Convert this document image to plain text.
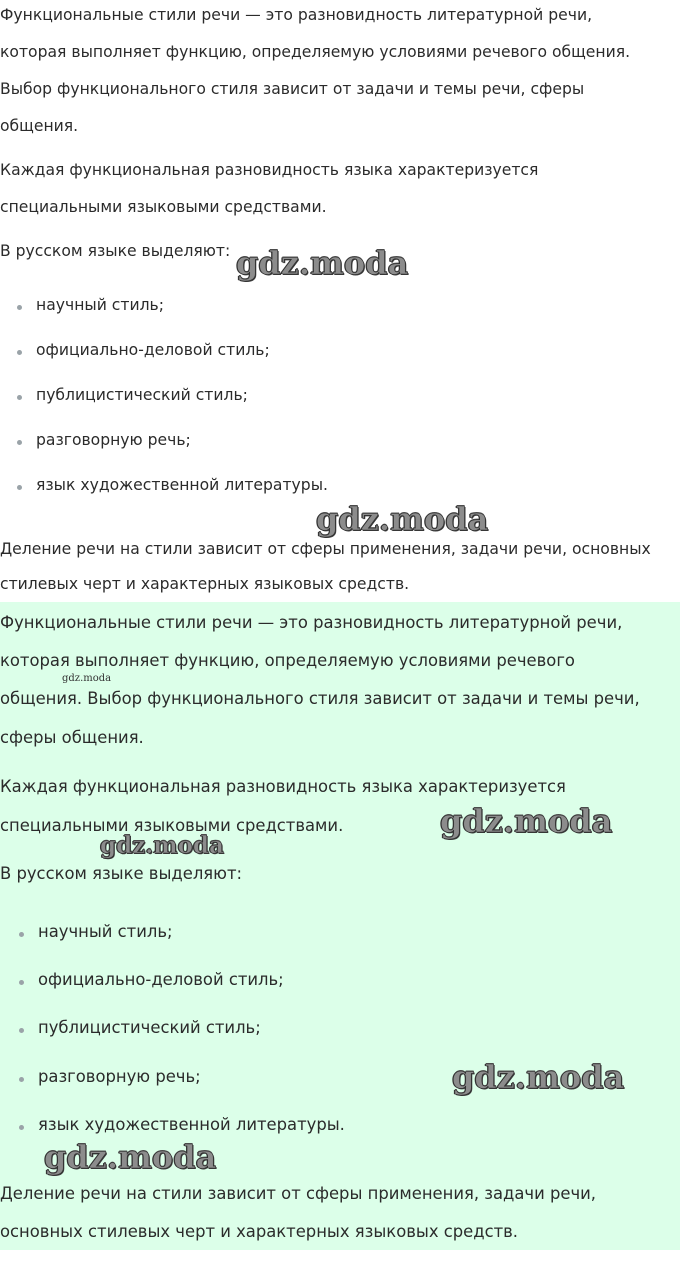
Функциональные стили речи — это разновидность литературной речи,

которая выполняет функцию, определяемую условиями речевого общения.

Выбор функционального стиля зависит от задачи и темы речи, сферы

общения.

Каждая функциональная разновидность языка характеризуется

специальными языковыми средствами.

В русском языке выделяют:

научный стиль;
официально-деловой стиль;
публицистический стиль;
разговорную речь;
язык художественной литературы.

Деление речи на стили зависит от сферы применения, задачи речи, основных

стилевых черт и характерных языковых средств.

Функциональные стили речи — это разновидность литературной речи,

которая выполняет функцию, определяемую условиями речевого

общения. Выбор функционального стиля зависит от задачи и темы речи,

сферы общения.

Каждая функциональная разновидность языка характеризуется

специальными языковыми средствами.

В русском языке выделяют:

научный стиль;
официально-деловой стиль;
публицистический стиль;
разговорную речь;
язык художественной литературы.

Деление речи на стили зависит от сферы применения, задачи речи,

основных стилевых черт и характерных языковых средств.

gdz.moda
gdz.moda
gdz.moda
gdz.moda
gdz.moda
gdz.moda
gdz.moda
